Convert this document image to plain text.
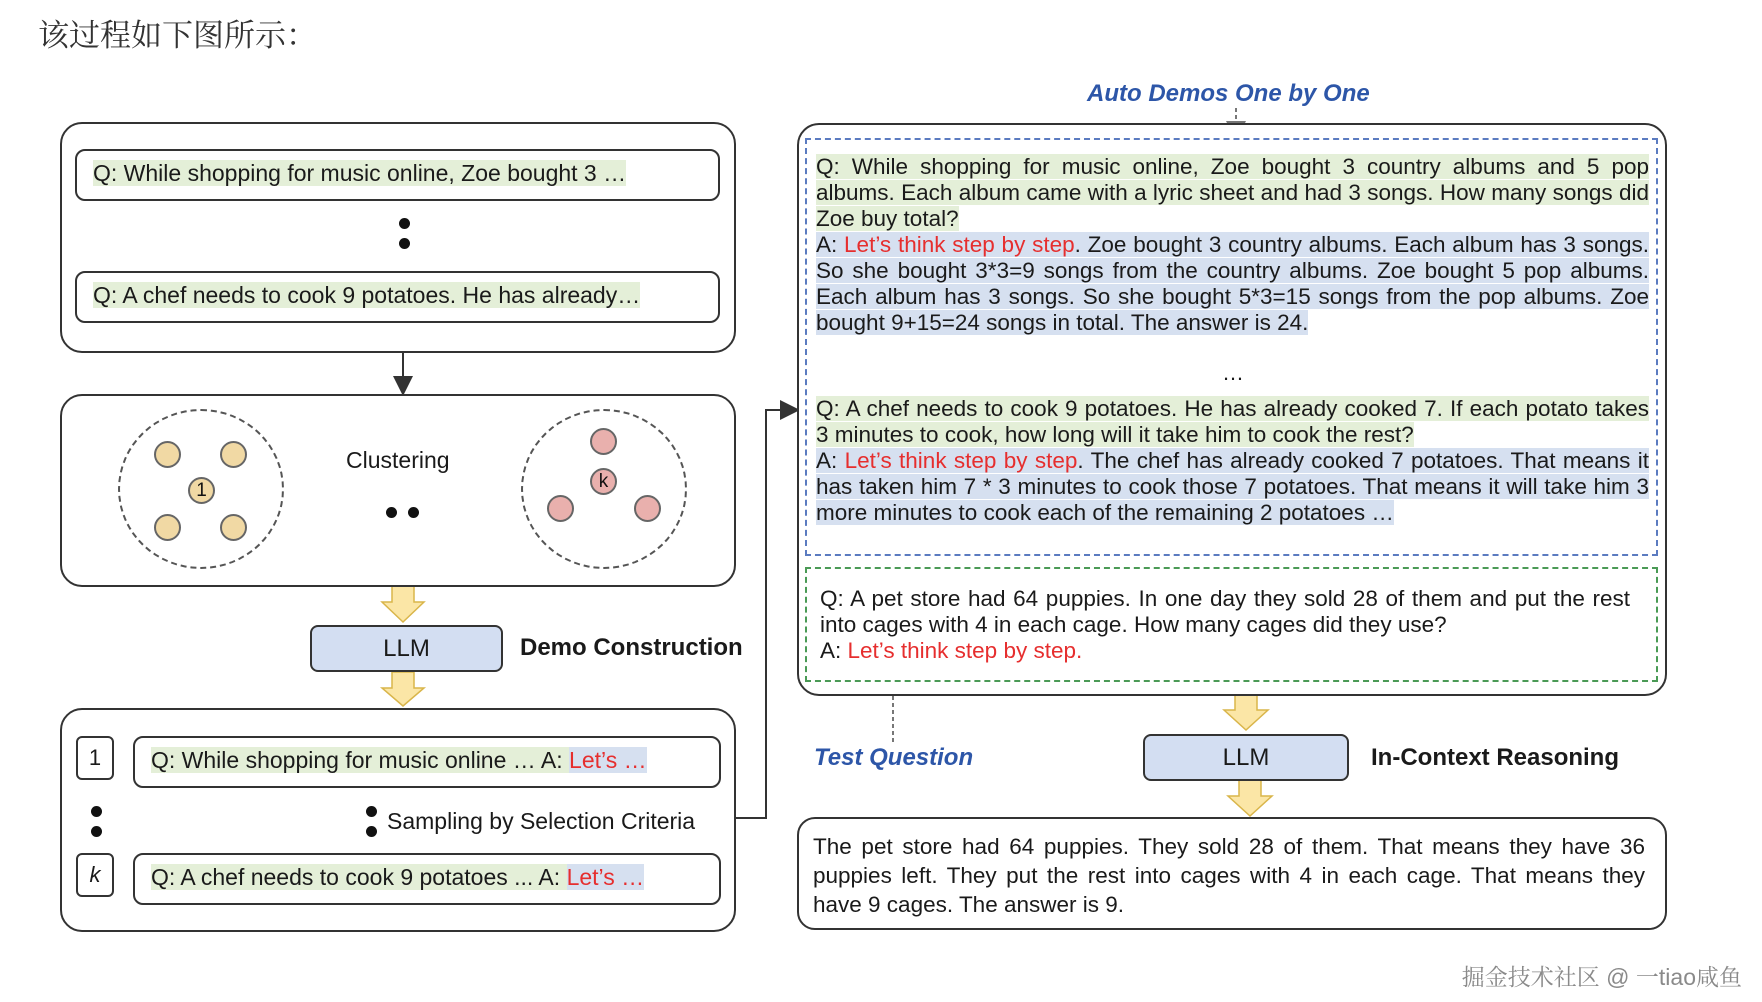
该过程如下图所示：
Q: While shopping for music online, Zoe bought 3 …
Q: A chef needs to cook 9 potatoes. He has already…
1
Clustering
k
LLM	Demo Construction
1	Q: While shopping for music online … A: Let’s …
Sampling by Selection Criteria
k	Q: A chef needs to cook 9 potatoes ... A: Let’s …
Auto Demos One by One
Q: While shopping for music online, Zoe bought 3 country albums and 5 pop albums. Each album came with a lyric sheet and had 3 songs. How many songs did Zoe buy total?
A: Let’s think step by step. Zoe bought 3 country albums. Each album has 3 songs. So she bought 3*3=9 songs from the country albums. Zoe bought 5 pop albums. Each album has 3 songs. So she bought 5*3=15 songs from the pop albums. Zoe bought 9+15=24 songs in total. The answer is 24.
…
Q: A chef needs to cook 9 potatoes. He has already cooked 7. If each potato takes 3 minutes to cook, how long will it take him to cook the rest?
A: Let’s think step by step. The chef has already cooked 7 potatoes. That means it has taken him 7 * 3 minutes to cook those 7 potatoes. That means it will take him 3 more minutes to cook each of the remaining 2 potatoes …
Q: A pet store had 64 puppies. In one day they sold 28 of them and put the rest into cages with 4 in each cage. How many cages did they use?
A: Let’s think step by step.
Test Question	LLM	In-Context Reasoning
The pet store had 64 puppies. They sold 28 of them. That means they have 36 puppies left. They put the rest into cages with 4 in each cage. That means they have 9 cages. The answer is 9.
掘金技术社区 @ 一tiao咸鱼
